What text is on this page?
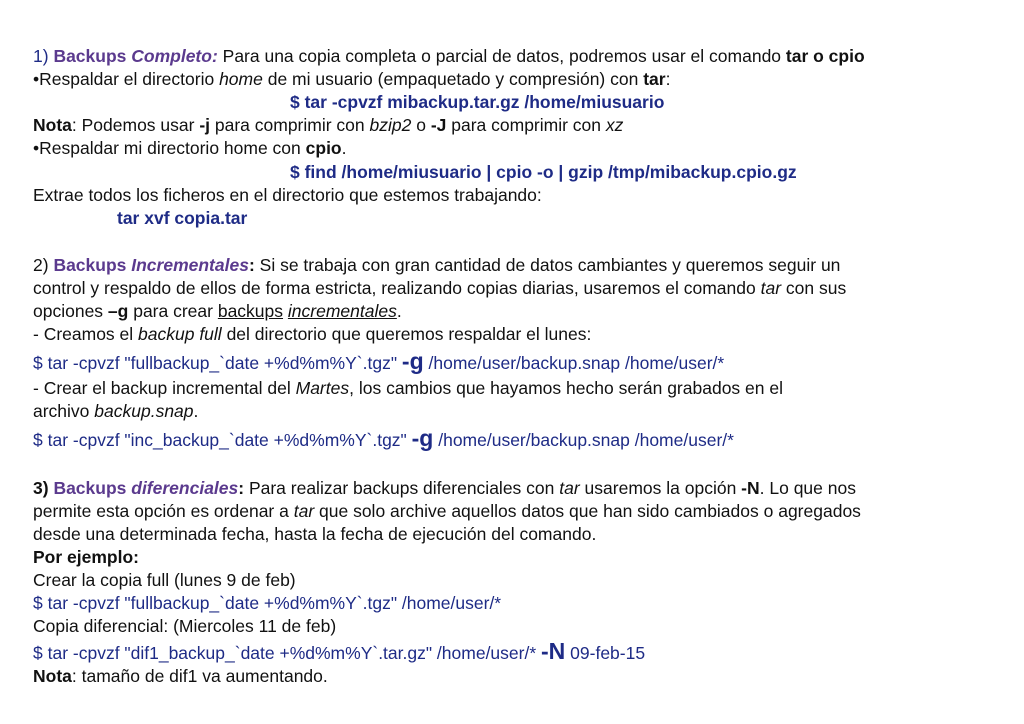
1) Backups Completo: Para una copia completa o parcial de datos, podremos usar el comando tar o cpio
•Respaldar el directorio home de mi usuario (empaquetado y compresión) con tar:
$ tar -cpvzf mibackup.tar.gz /home/miusuario
Nota: Podemos usar -j para comprimir con bzip2 o -J para comprimir con xz
•Respaldar mi directorio home con cpio.
$ find /home/miusuario | cpio -o | gzip /tmp/mibackup.cpio.gz
Extrae todos los ficheros en el directorio que estemos trabajando:
tar xvf copia.tar
2) Backups Incrementales: Si se trabaja con gran cantidad de datos cambiantes y queremos seguir un
control y respaldo de ellos de forma estricta, realizando copias diarias, usaremos el comando tar con sus
opciones –g para crear backups incrementales.
- Creamos el backup full del directorio que queremos respaldar el lunes:
$ tar -cpvzf "fullbackup_`date +%d%m%Y`.tgz" -g /home/user/backup.snap /home/user/*
- Crear el backup incremental del Martes, los cambios que hayamos hecho serán grabados en el
archivo backup.snap.
$ tar -cpvzf "inc_backup_`date +%d%m%Y`.tgz" -g /home/user/backup.snap /home/user/*
3) Backups diferenciales: Para realizar backups diferenciales con tar usaremos la opción -N. Lo que nos
permite esta opción es ordenar a tar que solo archive aquellos datos que han sido cambiados o agregados
desde una determinada fecha, hasta la fecha de ejecución del comando.
Por ejemplo:
Crear la copia full (lunes 9 de feb)
$ tar -cpvzf "fullbackup_`date +%d%m%Y`.tgz" /home/user/*
Copia diferencial: (Miercoles 11 de feb)
$ tar -cpvzf "dif1_backup_`date +%d%m%Y`.tar.gz" /home/user/* -N 09-feb-15
Nota: tamaño de dif1 va aumentando.
